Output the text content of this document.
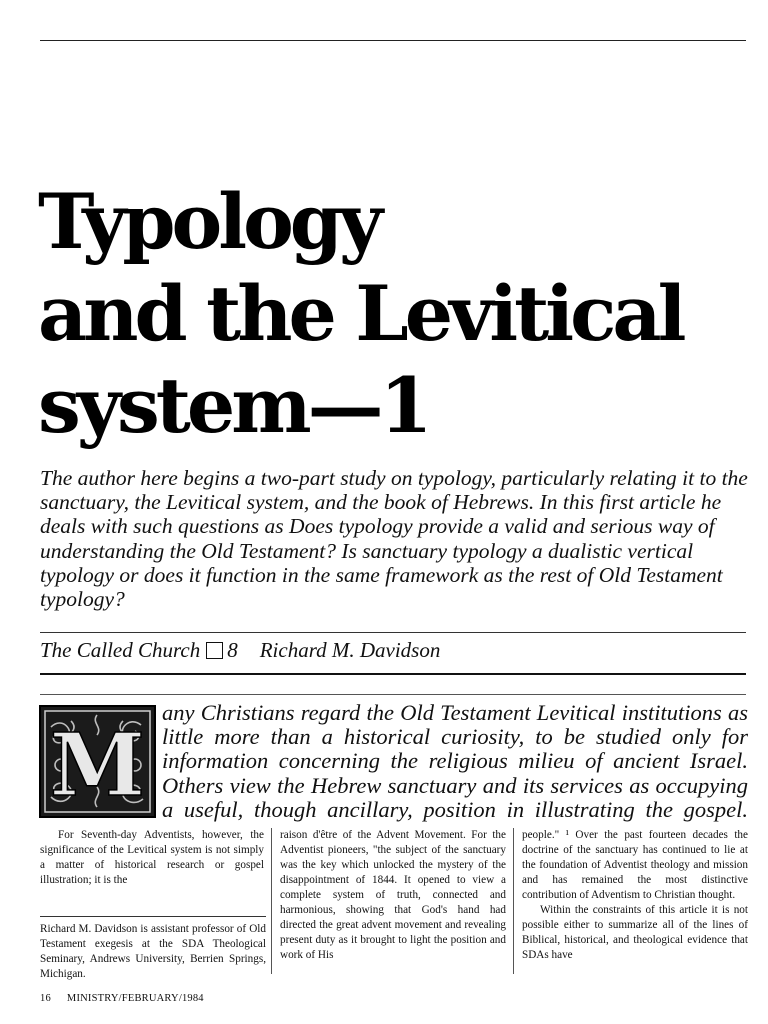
Typology
and the Levitical
system—1
The author here begins a two-part study on typology, particularly relating it to the sanctuary, the Levitical system, and the book of Hebrews. In this first article he deals with such questions as Does typology provide a valid and serious way of understanding the Old Testament? Is sanctuary typology a dualistic vertical typology or does it function in the same framework as the rest of Old Testament typology?
The Called Church 8 Richard M. Davidson
M
any Christians regard the Old Testament Levitical institutions as
little more than a historical curiosity, to be studied only for
information concerning the religious milieu of ancient Israel.
Others view the Hebrew sanctuary and its services as occupying
a useful, though ancillary, position in illustrating the gospel.

For Seventh-day Adventists, however, the significance of the Levitical system is not simply a matter of historical research or gospel illustration; it is the

raison d'être of the Advent Movement. For the Adventist pioneers, "the subject of the sanctuary was the key which unlocked the mystery of the disappointment of 1844. It opened to view a complete system of truth, connected and harmonious, showing that God's hand had directed the great advent movement and revealing present duty as it brought to light the position and work of His

people." ¹ Over the past fourteen decades the doctrine of the sanctuary has continued to lie at the foundation of Adventist theology and mission and has remained the most distinctive contribution of Adventism to Christian thought.

Within the constraints of this article it is not possible either to summarize all of the lines of Biblical, historical, and theological evidence that SDAs have

Richard M. Davidson is assistant professor of Old Testament exegesis at the SDA Theological Seminary, Andrews University, Berrien Springs, Michigan.
16 MINISTRY/FEBRUARY/1984
